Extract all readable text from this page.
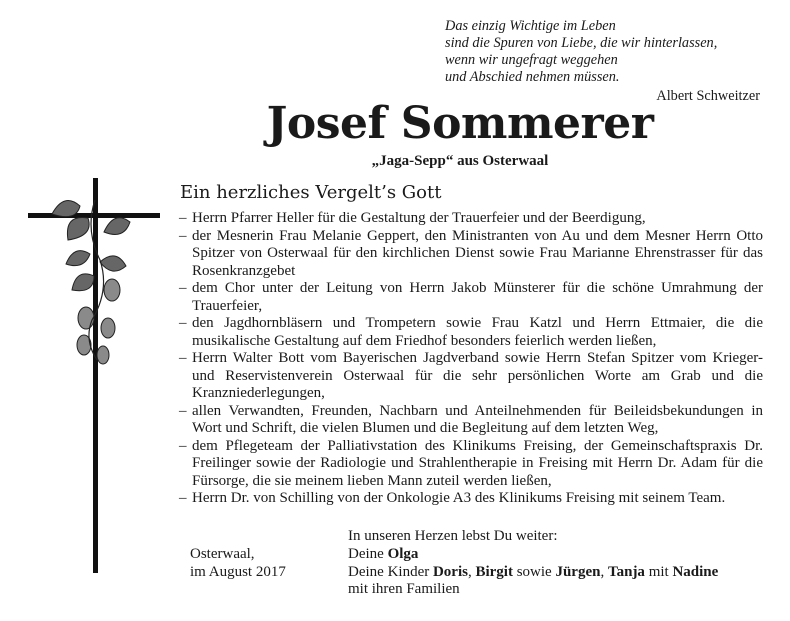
Das einzig Wichtige im Leben
sind die Spuren von Liebe, die wir hinterlassen,
wenn wir ungefragt weggehen
und Abschied nehmen müssen.
Albert Schweitzer
Josef Sommerer
„Jaga-Sepp“ aus Osterwaal
Ein herzliches Vergelt’s Gott
– Herrn Pfarrer Heller für die Gestaltung der Trauerfeier und der Beerdigung,
– der Mesnerin Frau Melanie Geppert, den Ministranten von Au und dem Mesner Herrn Otto Spitzer von Osterwaal für den kirchlichen Dienst sowie Frau Marianne Ehrenstrasser für das Rosenkranzgebet
– dem Chor unter der Leitung von Herrn Jakob Münsterer für die schöne Umrahmung der Trauerfeier,
– den Jagdhornbläsern und Trompetern sowie Frau Katzl und Herrn Ettmaier, die die musikalische Gestaltung auf dem Friedhof besonders feierlich werden ließen,
– Herrn Walter Bott vom Bayerischen Jagdverband sowie Herrn Stefan Spitzer vom Krieger- und Reservistenverein Osterwaal für die sehr persönlichen Worte am Grab und die Kranzniederlegungen,
– allen Verwandten, Freunden, Nachbarn und Anteilnehmenden für Beileidsbekundungen in Wort und Schrift, die vielen Blumen und die Begleitung auf dem letzten Weg,
– dem Pflegeteam der Palliativstation des Klinikums Freising, der Gemeinschaftspraxis Dr. Freilinger sowie der Radiologie und Strahlentherapie in Freising mit Herrn Dr. Adam für die Fürsorge, die sie meinem lieben Mann zuteil werden ließen,
– Herrn Dr. von Schilling von der Onkologie A3 des Klinikums Freising mit seinem Team.
In unseren Herzen lebst Du weiter:
Osterwaal,
im August 2017
Deine Olga
Deine Kinder Doris, Birgit sowie Jürgen, Tanja mit Nadine
mit ihren Familien
